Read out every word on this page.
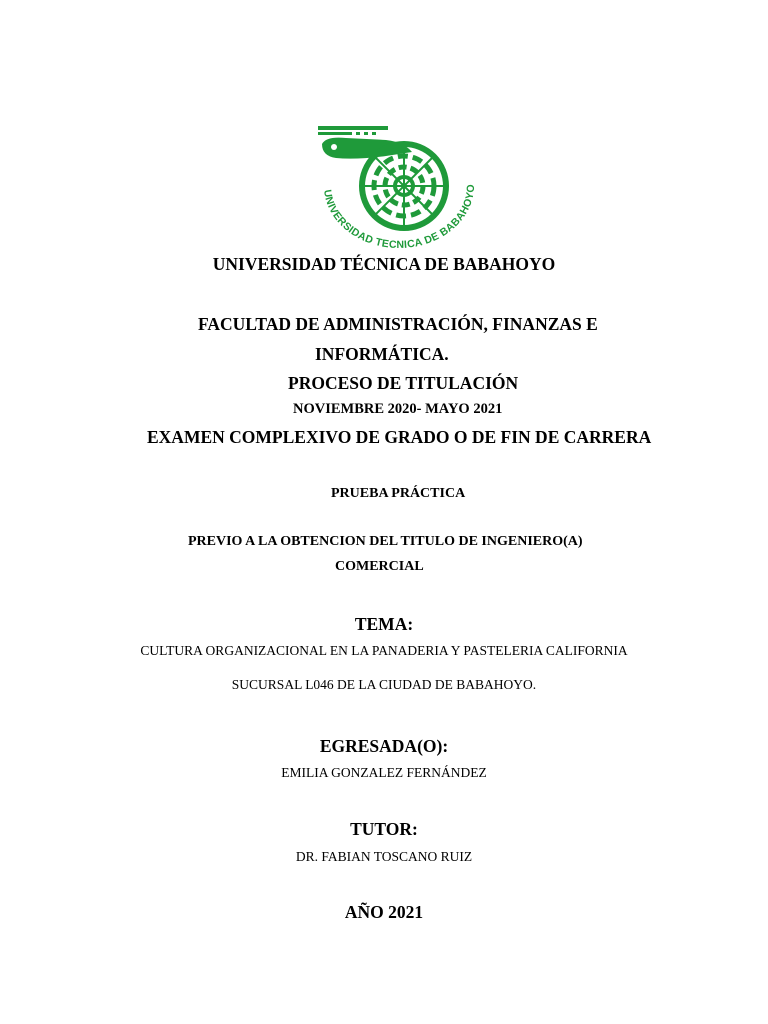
UNIVERSIDAD TECNICA DE BABAHOYO
UNIVERSIDAD TÉCNICA DE BABAHOYO
FACULTAD DE ADMINISTRACIÓN, FINANZAS E
INFORMÁTICA.
PROCESO DE TITULACIÓN
NOVIEMBRE 2020- MAYO 2021
EXAMEN COMPLEXIVO DE GRADO O DE FIN DE CARRERA
PRUEBA PRÁCTICA
PREVIO A LA OBTENCION DEL TITULO DE INGENIERO(A)
COMERCIAL
TEMA:
CULTURA ORGANIZACIONAL EN LA PANADERIA Y PASTELERIA CALIFORNIA
SUCURSAL L046 DE LA CIUDAD DE BABAHOYO.
EGRESADA(O):
EMILIA GONZALEZ FERNÁNDEZ
TUTOR:
DR. FABIAN TOSCANO RUIZ
AÑO 2021
